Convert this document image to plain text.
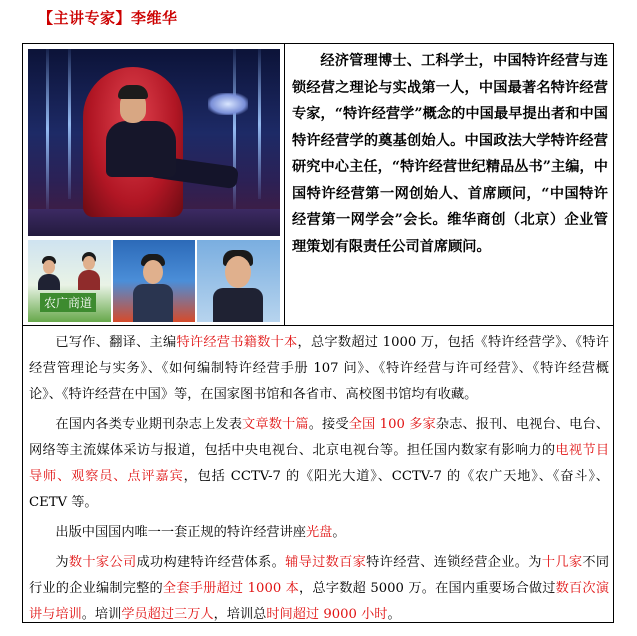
【主讲专家】李维华
农广商道

经济管理博士、工科学士，中国特许经营与连锁经营之理论与实战第一人，中国最著名特许经营专家，“特许经营学”概念的中国最早提出者和中国特许经营学的奠基创始人。中国政法大学特许经营研究中心主任，“特许经营世纪精品丛书”主编，中国特许经营第一网创始人、首席顾问，“中国特许经营第一网学会”会长。维华商创（北京）企业管理策划有限责任公司首席顾问。

已写作、翻译、主编特许经营书籍数十本，总字数超过 1000 万，包括《特许经营学》、《特许经营管理论与实务》、《如何编制特许经营手册 107 问》、《特许经营与许可经营》、《特许经营概论》、《特许经营在中国》等，在国家图书馆和各省市、高校图书馆均有收藏。

在国内各类专业期刊杂志上发表文章数十篇。接受全国 100 多家杂志、报刊、电视台、电台、网络等主流媒体采访与报道，包括中央电视台、北京电视台等。担任国内数家有影响力的电视节目导师、观察员、点评嘉宾，包括 CCTV-7 的《阳光大道》、CCTV-7 的《农广天地》、《奋斗》、CETV 等。

出版中国国内唯一一套正规的特许经营讲座光盘。

为数十家公司成功构建特许经营体系。辅导过数百家特许经营、连锁经营企业。为十几家不同行业的企业编制完整的全套手册超过 1000 本，总字数超 5000 万。在国内重要场合做过数百次演讲与培训。培训学员超过三万人，培训总时间超过 9000 小时。
